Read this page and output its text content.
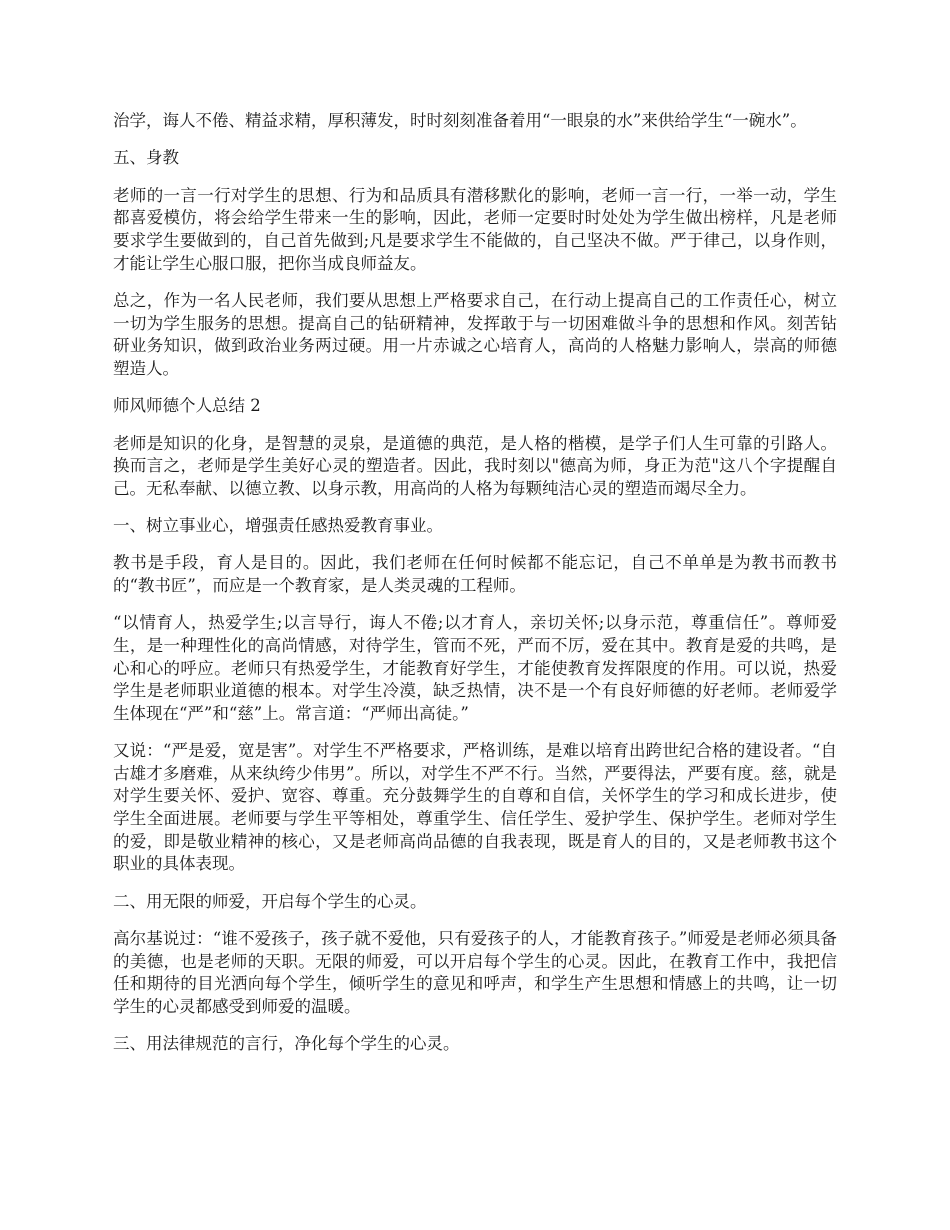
治学，诲人不倦、精益求精，厚积薄发，时时刻刻准备着用“一眼泉的水”来供给学生“一碗水”。

五、身教

老师的一言一行对学生的思想、行为和品质具有潜移默化的影响，老师一言一行，一举一动，学生都喜爱模仿，将会给学生带来一生的影响，因此，老师一定要时时处处为学生做出榜样，凡是老师要求学生要做到的，自己首先做到;凡是要求学生不能做的，自己坚决不做。严于律己，以身作则，才能让学生心服口服，把你当成良师益友。

总之，作为一名人民老师，我们要从思想上严格要求自己，在行动上提高自己的工作责任心，树立一切为学生服务的思想。提高自己的钻研精神，发挥敢于与一切困难做斗争的思想和作风。刻苦钻研业务知识，做到政治业务两过硬。用一片赤诚之心培育人，高尚的人格魅力影响人，崇高的师德塑造人。

师风师德个人总结 2

老师是知识的化身，是智慧的灵泉，是道德的典范，是人格的楷模，是学子们人生可靠的引路人。换而言之，老师是学生美好心灵的塑造者。因此，我时刻以"德高为师，身正为范"这八个字提醒自己。无私奉献、以德立教、以身示教，用高尚的人格为每颗纯洁心灵的塑造而竭尽全力。

一、树立事业心，增强责任感热爱教育事业。

教书是手段，育人是目的。因此，我们老师在任何时候都不能忘记，自己不单单是为教书而教书的“教书匠”，而应是一个教育家，是人类灵魂的工程师。

“以情育人，热爱学生;以言导行，诲人不倦;以才育人，亲切关怀;以身示范，尊重信任”。尊师爱生，是一种理性化的高尚情感，对待学生，管而不死，严而不厉，爱在其中。教育是爱的共鸣，是心和心的呼应。老师只有热爱学生，才能教育好学生，才能使教育发挥限度的作用。可以说，热爱学生是老师职业道德的根本。对学生冷漠，缺乏热情，决不是一个有良好师德的好老师。老师爱学生体现在“严”和“慈”上。常言道：“严师出高徒。”

又说：“严是爱，宽是害”。对学生不严格要求，严格训练，是难以培育出跨世纪合格的建设者。“自古雄才多磨难，从来纨绔少伟男”。所以，对学生不严不行。当然，严要得法，严要有度。慈，就是对学生要关怀、爱护、宽容、尊重。充分鼓舞学生的自尊和自信，关怀学生的学习和成长进步，使学生全面进展。老师要与学生平等相处，尊重学生、信任学生、爱护学生、保护学生。老师对学生的爱，即是敬业精神的核心，又是老师高尚品德的自我表现，既是育人的目的，又是老师教书这个职业的具体表现。

二、用无限的师爱，开启每个学生的心灵。

高尔基说过：“谁不爱孩子，孩子就不爱他，只有爱孩子的人，才能教育孩子。”师爱是老师必须具备的美德，也是老师的天职。无限的师爱，可以开启每个学生的心灵。因此，在教育工作中，我把信任和期待的目光洒向每个学生，倾听学生的意见和呼声，和学生产生思想和情感上的共鸣，让一切学生的心灵都感受到师爱的温暖。

三、用法律规范的言行，净化每个学生的心灵。
